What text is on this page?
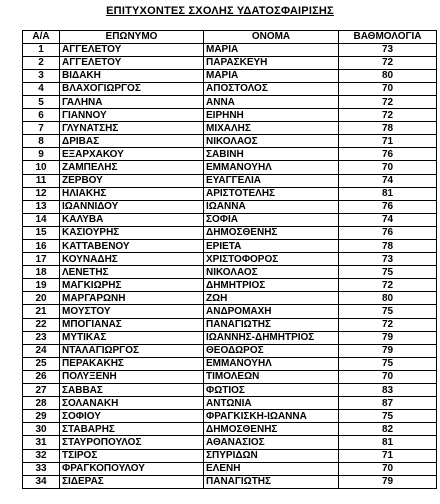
ΕΠΙΤΥΧΟΝΤΕΣ ΣΧΟΛΗΣ ΥΔΑΤΟΣΦΑΙΡΙΣΗΣ
Α/Α	ΕΠΩΝΥΜΟ	ΟΝΟΜΑ	ΒΑΘΜΟΛΟΓΙΑ
1	ΑΓΓΕΛΕΤΟΥ	ΜΑΡΙΑ	73
2	ΑΓΓΕΛΕΤΟΥ	ΠΑΡΑΣΚΕΥΗ	72
3	ΒΙΔΑΚΗ	ΜΑΡΙΑ	80
4	ΒΛΑΧΟΓΙΩΡΓΟΣ	ΑΠΟΣΤΟΛΟΣ	70
5	ΓΑΛΗΝΑ	ΑΝΝΑ	72
6	ΓΙΑΝΝΟΥ	ΕΙΡΗΝΗ	72
7	ΓΛΥΝΑΤΣΗΣ	ΜΙΧΑΛΗΣ	78
8	ΔΡΙΒΑΣ	ΝΙΚΟΛΑΟΣ	71
9	ΕΞΑΡΧΑΚΟΥ	ΣΑΒΙΝΗ	76
10	ΖΑΜΠΕΛΗΣ	ΕΜΜΑΝΟΥΗΛ	70
11	ΖΕΡΒΟΥ	ΕΥΑΓΓΕΛΙΑ	74
12	ΗΛΙΑΚΗΣ	ΑΡΙΣΤΟΤΕΛΗΣ	81
13	ΙΩΑΝΝΙΔΟΥ	ΙΩΑΝΝΑ	76
14	ΚΑΛΥΒΑ	ΣΟΦΙΑ	74
15	ΚΑΣΙΟΥΡΗΣ	ΔΗΜΟΣΘΕΝΗΣ	76
16	ΚΑΤΤΑΒΕΝΟΥ	ΕΡΙΕΤΑ	78
17	ΚΟΥΝΑΔΗΣ	ΧΡΙΣΤΟΦΟΡΟΣ	73
18	ΛΕΝΕΤΗΣ	ΝΙΚΟΛΑΟΣ	75
19	ΜΑΓΚΙΩΡΗΣ	ΔΗΜΗΤΡΙΟΣ	72
20	ΜΑΡΓΑΡΩΝΗ	ΖΩΗ	80
21	ΜΟΥΣΤΟΥ	ΑΝΔΡΟΜΑΧΗ	75
22	ΜΠΟΓΙΑΝΑΣ	ΠΑΝΑΓΙΩΤΗΣ	72
23	ΜΥΤΙΚΑΣ	ΙΩΑΝΝΗΣ-ΔΗΜΗΤΡΙΟΣ	79
24	ΝΤΑΛΑΓΙΩΡΓΟΣ	ΘΕΟΔΩΡΟΣ	79
25	ΠΕΡΑΚΑΚΗΣ	ΕΜΜΑΝΟΥΗΛ	75
26	ΠΟΛΥΞΕΝΗ	ΤΙΜΟΛΕΩΝ	70
27	ΣΑΒΒΑΣ	ΦΩΤΙΟΣ	83
28	ΣΟΛΑΝΑΚΗ	ΑΝΤΩΝΙΑ	87
29	ΣΟΦΙΟΥ	ΦΡΑΓΚΙΣΚΗ-ΙΩΑΝΝΑ	75
30	ΣΤΑΒΑΡΗΣ	ΔΗΜΟΣΘΕΝΗΣ	82
31	ΣΤΑΥΡΟΠΟΥΛΟΣ	ΑΘΑΝΑΣΙΟΣ	81
32	ΤΣΙΡΟΣ	ΣΠΥΡΙΔΩΝ	71
33	ΦΡΑΓΚΟΠΟΥΛΟΥ	ΕΛΕΝΗ	70
34	ΣΙΔΕΡΑΣ	ΠΑΝΑΓΙΩΤΗΣ	79
